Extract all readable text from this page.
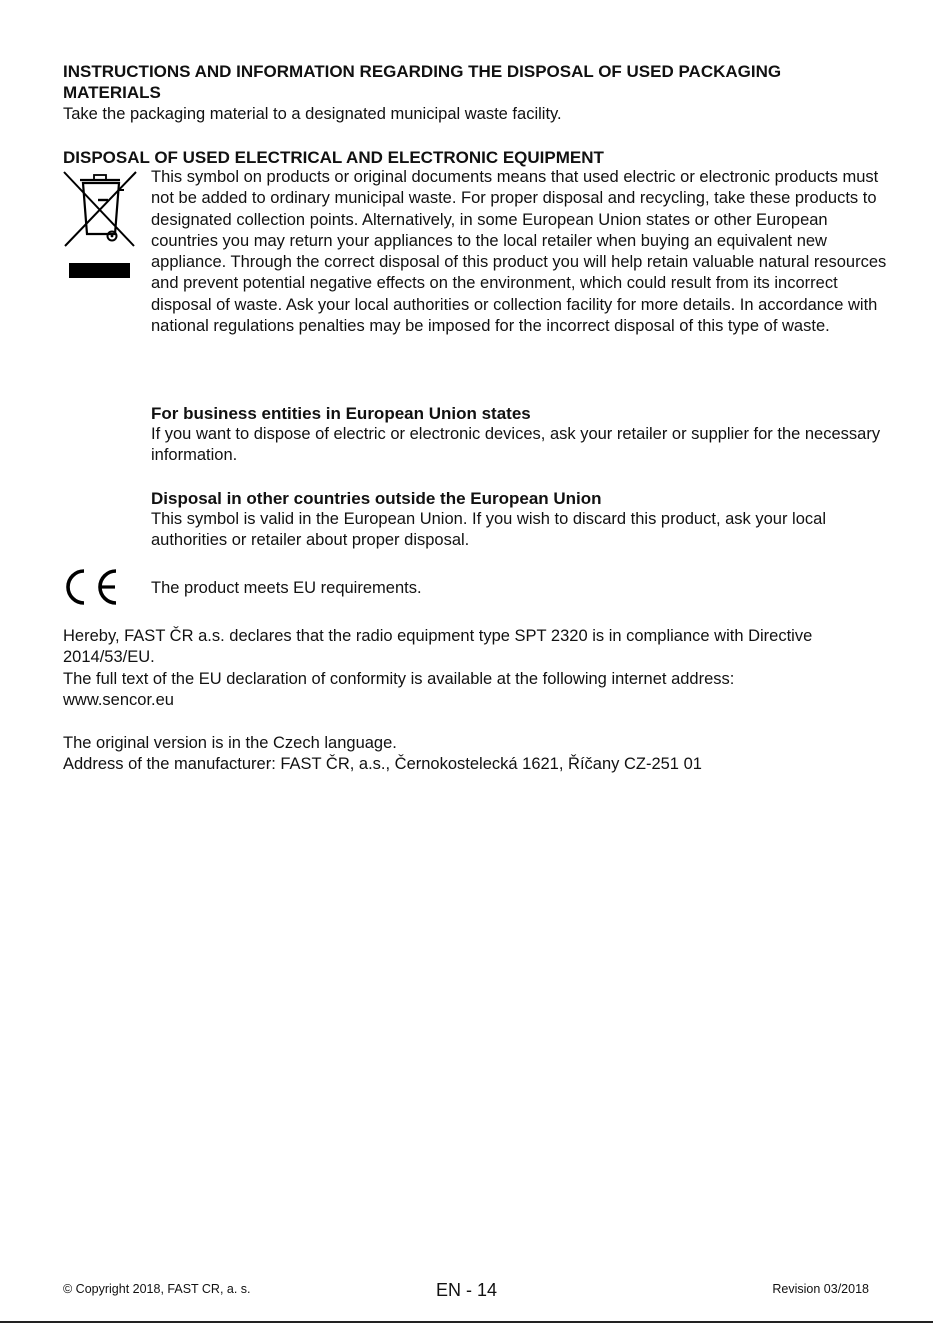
INSTRUCTIONS AND INFORMATION REGARDING THE DISPOSAL OF USED PACKAGING MATERIALS

Take the packaging material to a designated municipal waste facility.

DISPOSAL OF USED ELECTRICAL AND ELECTRONIC EQUIPMENT

This symbol on products or original documents means that used electric or electronic products must not be added to ordinary municipal waste. For proper disposal and recycling, take these products to designated collection points. Alternatively, in some European Union states or other European countries you may return your appliances to the local retailer when buying an equivalent new appliance. Through the correct disposal of this product you will help retain valuable natural resources and prevent potential negative effects on the environment, which could result from its incorrect disposal of waste. Ask your local authorities or collection facility for more details. In accordance with national regulations penalties may be imposed for the incorrect disposal of this type of waste.

For business entities in European Union states

If you want to dispose of electric or electronic devices, ask your retailer or supplier for the necessary information.

Disposal in other countries outside the European Union

This symbol is valid in the European Union. If you wish to discard this product, ask your local authorities or retailer about proper disposal.

The product meets EU requirements.

Hereby, FAST ČR a.s. declares that the radio equipment type SPT 2320 is in compliance with Directive 2014/53/EU.

The full text of the EU declaration of conformity is available at the following internet address: www.sencor.eu

The original version is in the Czech language.

Address of the manufacturer: FAST ČR, a.s., Černokostelecká 1621, Říčany CZ-251 01

© Copyright 2018, FAST CR, a. s.	EN - 14	Revision 03/2018
